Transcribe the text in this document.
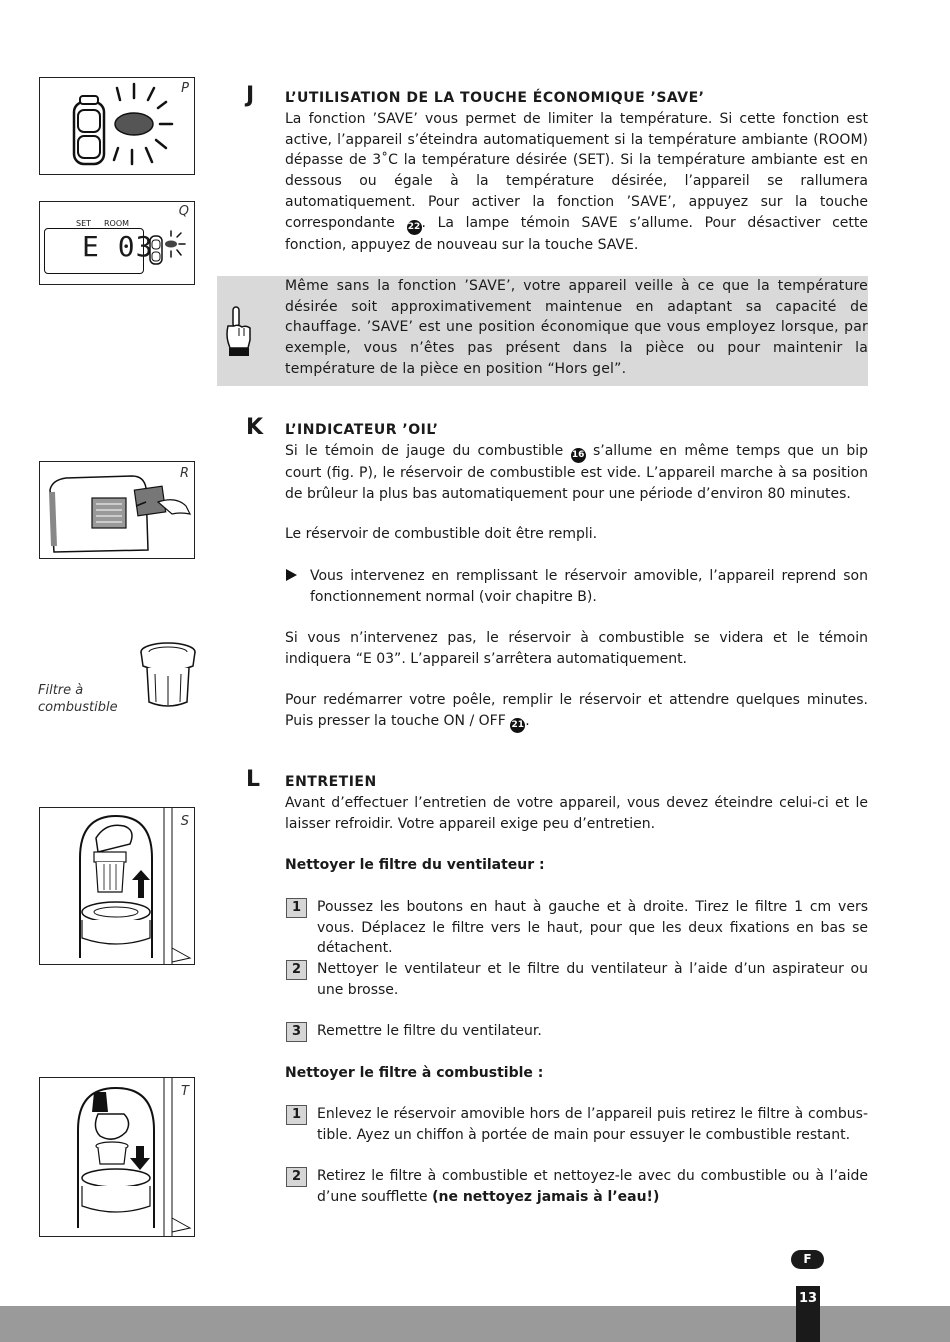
P
SET ROOM
E 03
Q
R
Filtre à
combustible
S
T
J L’UTILISATION DE LA TOUCHE ÉCONOMIQUE ’SAVE’

La fonction ’SAVE’ vous permet de limiter la température. Si cette fonction est active, l’appareil s’éteindra automatiquement si la température ambiante (ROOM) dépasse de 3˚C la température désirée (SET). Si la température ambiante est en dessous ou égale à la température désirée, l’appareil se rallumera automatiquement. Pour activer la fonction ’SAVE’, appuyez sur la touche correspondante 22. La lampe témoin SAVE s’allume. Pour désactiver cette fonction, appuyez de nouveau sur la touche SAVE.

Même sans la fonction ’SAVE’, votre appareil veille à ce que la température désirée soit approximativement maintenue en adaptant sa capacité de chauffage. ’SAVE’ est une position économique que vous employez lorsque, par exemple, vous n’êtes pas présent dans la pièce ou pour maintenir la température de la pièce en position “Hors gel”.

K L’INDICATEUR ’OIL’

Si le témoin de jauge du combustible 16 s’allume en même temps que un bip court (fig. P), le réservoir de combustible est vide. L’appareil marche à sa position de brûleur la plus bas automatiquement pour une période d’environ 80 minutes.

Le réservoir de combustible doit être rempli.

Vous intervenez en remplissant le réservoir amovible, l’appareil reprend son fonctionnement normal (voir chapitre B).

Si vous n’intervenez pas, le réservoir à combustible se videra et le témoin indiquera “E 03”. L’appareil s’arrêtera automatiquement.

Pour redémarrer votre poêle, remplir le réservoir et attendre quelques minutes. Puis presser la touche ON / OFF 21.

L ENTRETIEN

Avant d’effectuer l’entretien de votre appareil, vous devez éteindre celui-ci et le laisser refroidir. Votre appareil exige peu d’entretien.

Nettoyer le filtre du ventilateur :
1	Poussez les boutons en haut à gauche et à droite. Tirez le filtre 1 cm vers vous. Déplacez le filtre vers le haut, pour que les deux fixations en bas se détachent.

2	Nettoyer le ventilateur et le filtre du ventilateur à l’aide d’un aspirateur ou une brosse.

3	Remettre le filtre du ventilateur.

Nettoyer le filtre à combustible :
1	Enlevez le réservoir amovible hors de l’appareil puis retirez le filtre à combustible. Ayez un chiffon à portée de main pour essuyer le combustible restant.

2	Retirez le filtre à combustible et nettoyez-le avec du combustible ou à l’aide d’une soufflette (ne nettoyez jamais à l’eau!)

F
13
